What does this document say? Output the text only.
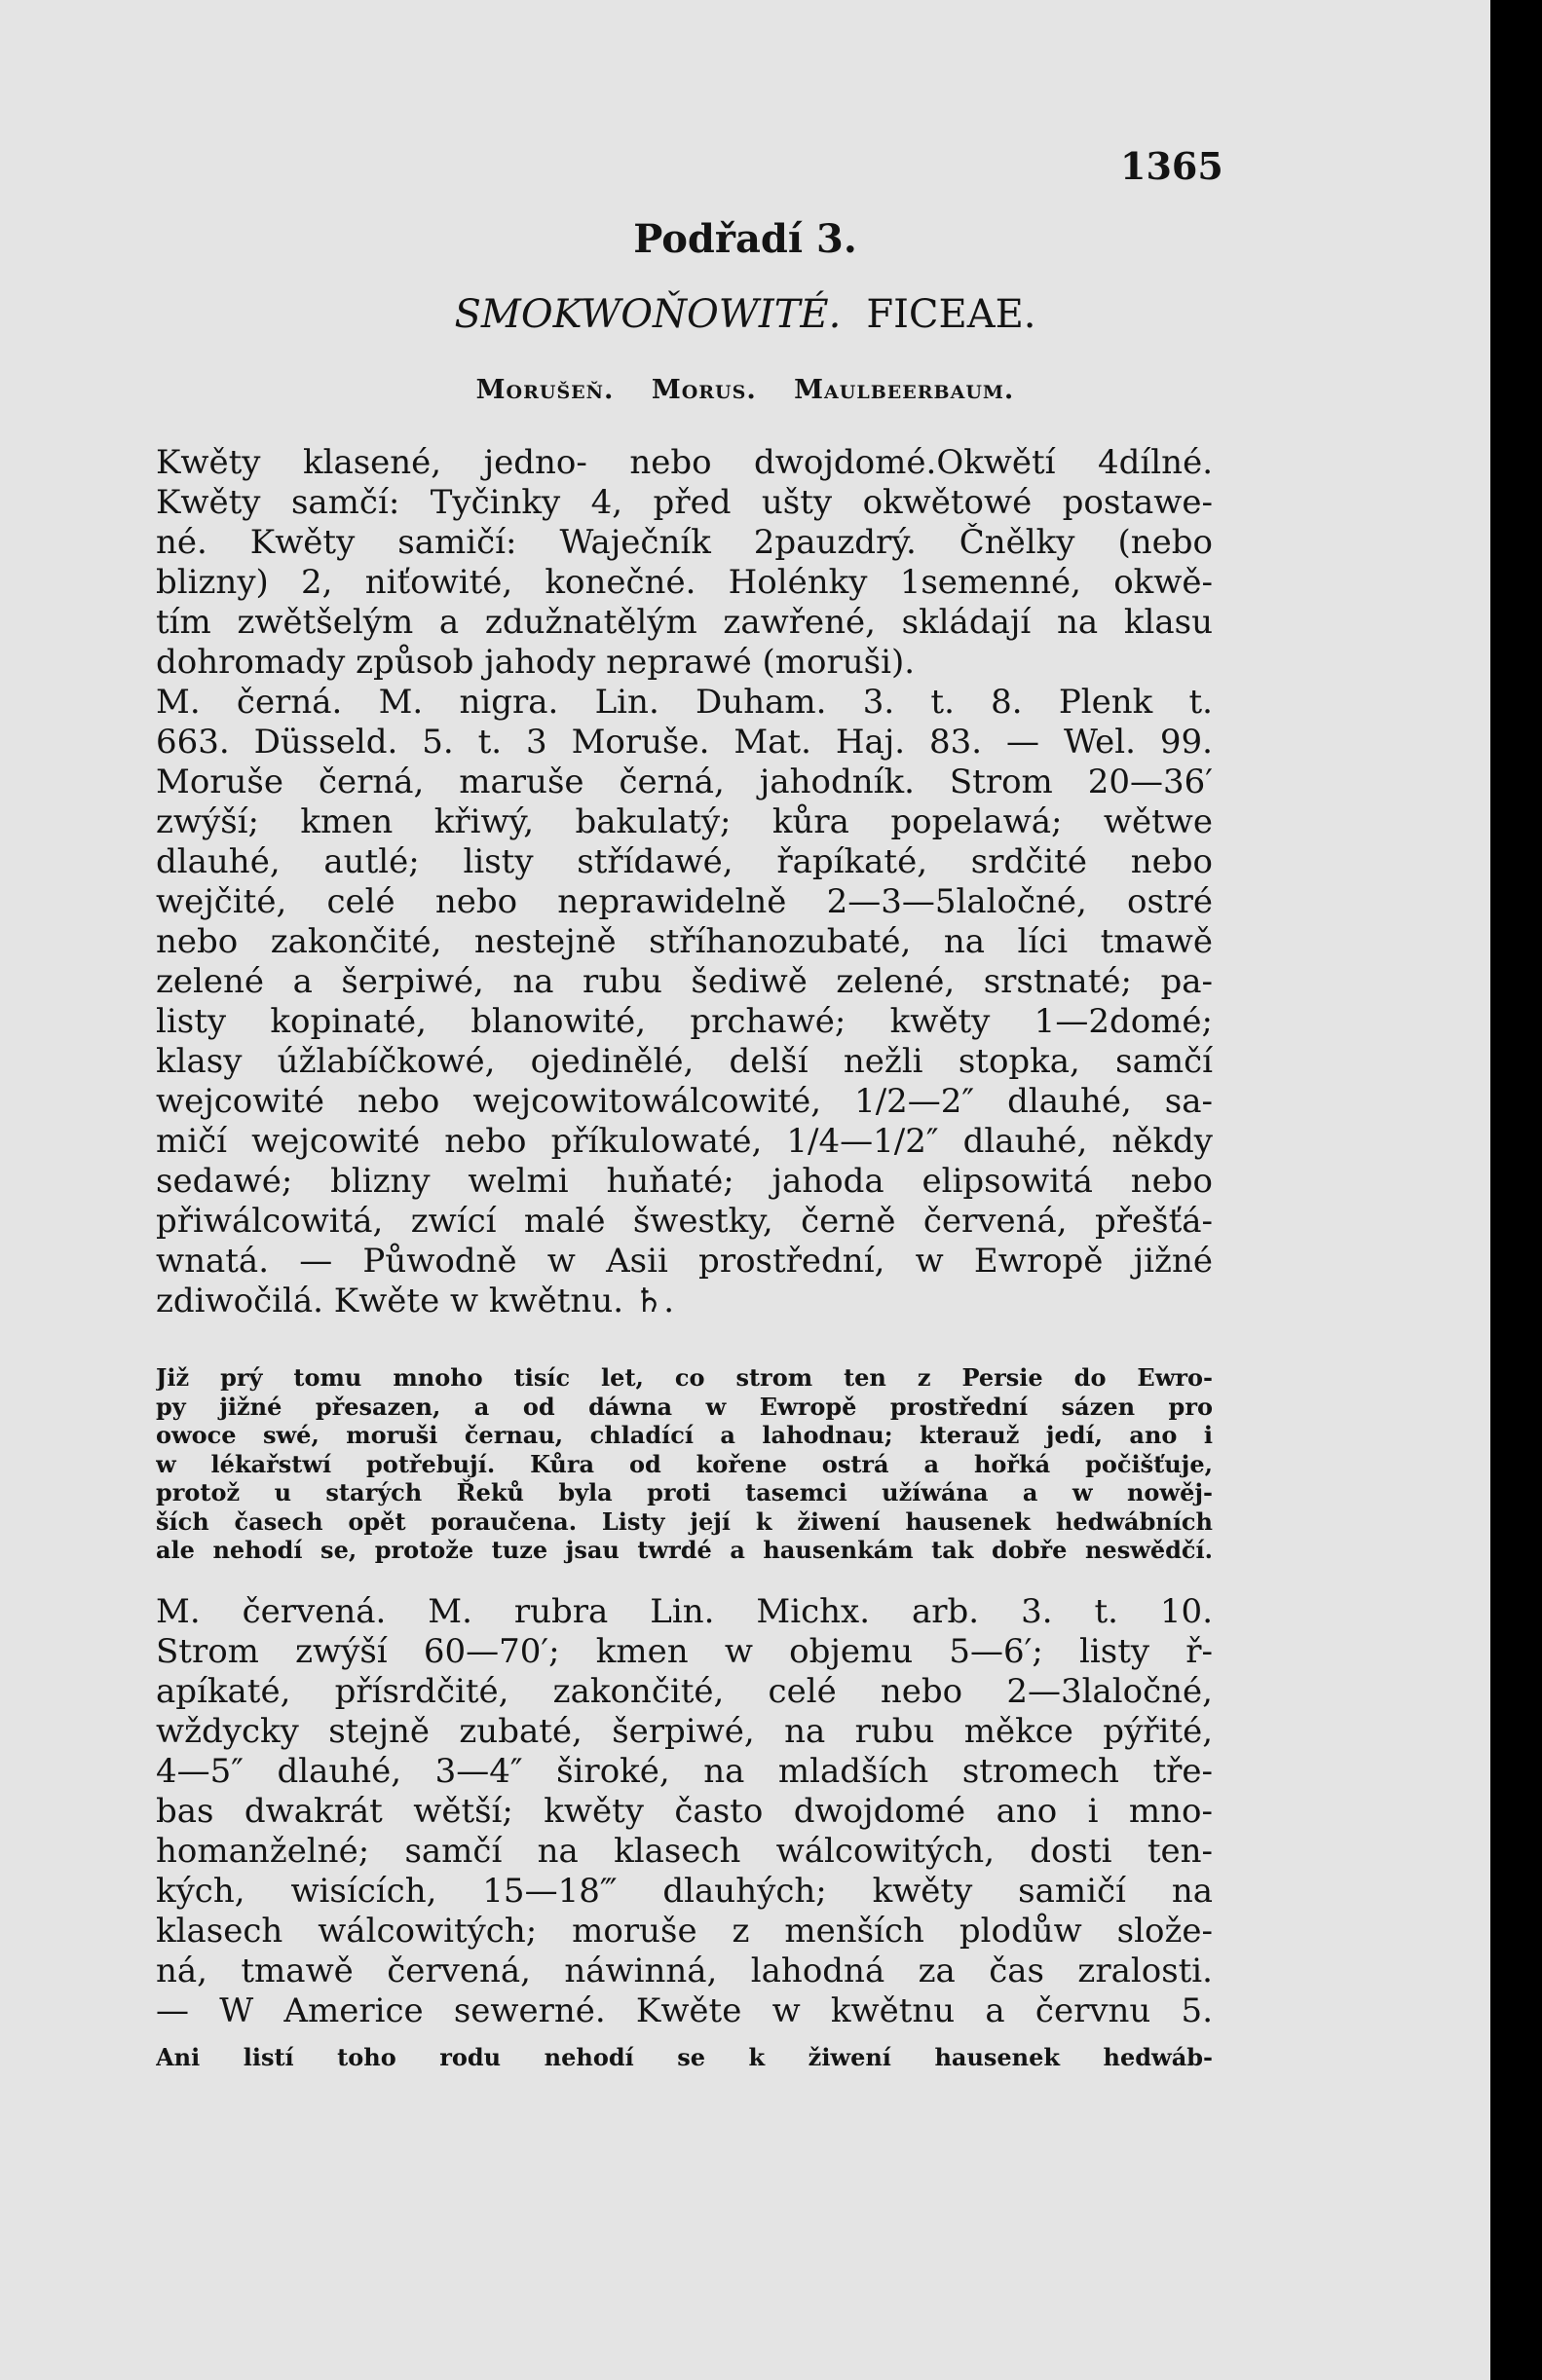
1365
Podřadí 3.
SMOKWOŇOWITÉ. FICEAE.
Morušeň. Morus. Maulbeerbaum.
Kwěty klasené, jedno- nebo dwojdomé.Okwětí 4dílné.
Kwěty samčí: Tyčinky 4, před ušty okwětowé postawe-
né. Kwěty samičí: Waječník 2pauzdrý. Čnělky (nebo
blizny) 2, niťowité, konečné. Holénky 1semenné, okwě-
tím zwětšelým a zdužnatělým zawřené, skládají na klasu
dohromady způsob jahody neprawé (moruši).
M. černá. M. nigra. Lin. Duham. 3. t. 8. Plenk t.
663. Düsseld. 5. t. 3 Moruše. Mat. Haj. 83. — Wel. 99.
Moruše černá, maruše černá, jahodník. Strom 20—36′
zwýší; kmen křiwý, bakulatý; kůra popelawá; wětwe
dlauhé, autlé; listy střídawé, řapíkaté, srdčité nebo
wejčité, celé nebo neprawidelně 2—3—5laločné, ostré
nebo zakončité, nestejně stříhanozubaté, na líci tmawě
zelené a šerpiwé, na rubu šediwě zelené, srstnaté; pa-
listy kopinaté, blanowité, prchawé; kwěty 1—2domé;
klasy úžlabíčkowé, ojedinělé, delší nežli stopka, samčí
wejcowité nebo wejcowitowálcowité, 1/2—2″ dlauhé, sa-
mičí wejcowité nebo příkulowaté, 1/4—1/2″ dlauhé, někdy
sedawé; blizny welmi huňaté; jahoda elipsowitá nebo
přiwálcowitá, zwící malé šwestky, černě červená, přešťá-
wnatá. — Půwodně w Asii prostřední, w Ewropě jižné
zdiwočilá. Kwěte w kwětnu. ♄.
Již prý tomu mnoho tisíc let, co strom ten z Persie do Ewro-
py jižné přesazen, a od dáwna w Ewropě prostřední sázen pro
owoce swé, moruši černau, chladící a lahodnau; kterauž jedí, ano i
w lékařstwí potřebují. Kůra od kořene ostrá a hořká počišťuje,
protož u starých Řeků byla proti tasemci užíwána a w nowěj-
ších časech opět poraučena. Listy její k žiwení hausenek hedwábních
ale nehodí se, protože tuze jsau twrdé a hausenkám tak dobře neswědčí.
M. červená. M. rubra Lin. Michx. arb. 3. t. 10.
Strom zwýší 60—70′; kmen w objemu 5—6′; listy ř-
apíkaté, přísrdčité, zakončité, celé nebo 2—3laločné,
wždycky stejně zubaté, šerpiwé, na rubu měkce pýřité,
4—5″ dlauhé, 3—4″ široké, na mladších stromech tře-
bas dwakrát wětší; kwěty často dwojdomé ano i mno-
homanželné; samčí na klasech wálcowitých, dosti ten-
kých, wisících, 15—18‴ dlauhých; kwěty samičí na
klasech wálcowitých; moruše z menších plodůw slože-
ná, tmawě červená, náwinná, lahodná za čas zralosti.
— W Americe sewerné. Kwěte w kwětnu a červnu 5.
Ani listí toho rodu nehodí se k žiwení hausenek hedwáb-
